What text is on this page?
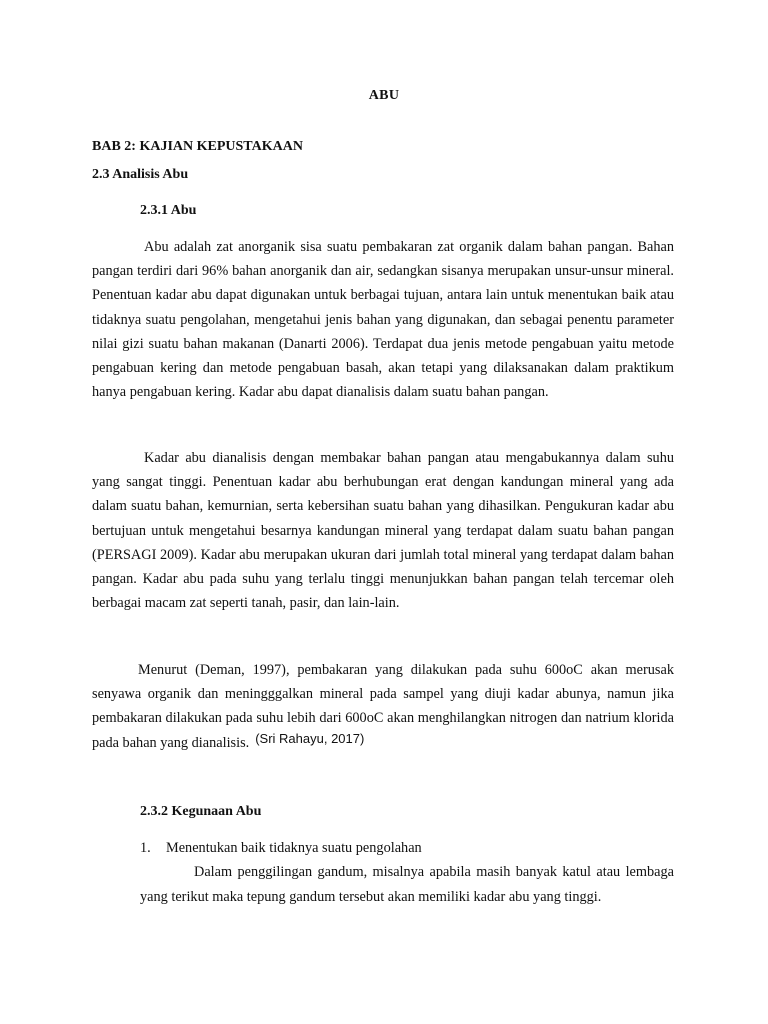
ABU
BAB 2: KAJIAN KEPUSTAKAAN
2.3 Analisis Abu
2.3.1 Abu

Abu adalah zat anorganik sisa suatu pembakaran zat organik dalam bahan pangan. Bahan pangan terdiri dari 96% bahan anorganik dan air, sedangkan sisanya merupakan unsur-unsur mineral. Penentuan kadar abu dapat digunakan untuk berbagai tujuan, antara lain untuk menentukan baik atau tidaknya suatu pengolahan, mengetahui jenis bahan yang digunakan, dan sebagai penentu parameter nilai gizi suatu bahan makanan (Danarti 2006). Terdapat dua jenis metode pengabuan yaitu metode pengabuan kering dan metode pengabuan basah, akan tetapi yang dilaksanakan dalam praktikum hanya pengabuan kering. Kadar abu dapat dianalisis dalam suatu bahan pangan.

Kadar abu dianalisis dengan membakar bahan pangan atau mengabukannya dalam suhu yang sangat tinggi. Penentuan kadar abu berhubungan erat dengan kandungan mineral yang ada dalam suatu bahan, kemurnian, serta kebersihan suatu bahan yang dihasilkan. Pengukuran kadar abu bertujuan untuk mengetahui besarnya kandungan mineral yang terdapat dalam suatu bahan pangan (PERSAGI 2009). Kadar abu merupakan ukuran dari jumlah total mineral yang terdapat dalam bahan pangan. Kadar abu pada suhu yang terlalu tinggi menunjukkan bahan pangan telah tercemar oleh berbagai macam zat seperti tanah, pasir, dan lain-lain.

Menurut (Deman, 1997), pembakaran yang dilakukan pada suhu 600oC akan merusak senyawa organik dan meningggalkan mineral pada sampel yang diuji kadar abunya, namun jika pembakaran dilakukan pada suhu lebih dari 600oC akan menghilangkan nitrogen dan natrium klorida pada bahan yang dianalisis. (Sri Rahayu, 2017)

2.3.2 Kegunaan Abu
1.	Menentukan baik tidaknya suatu pengolahan

Dalam penggilingan gandum, misalnya apabila masih banyak katul atau lembaga yang terikut maka tepung gandum tersebut akan memiliki kadar abu yang tinggi.
